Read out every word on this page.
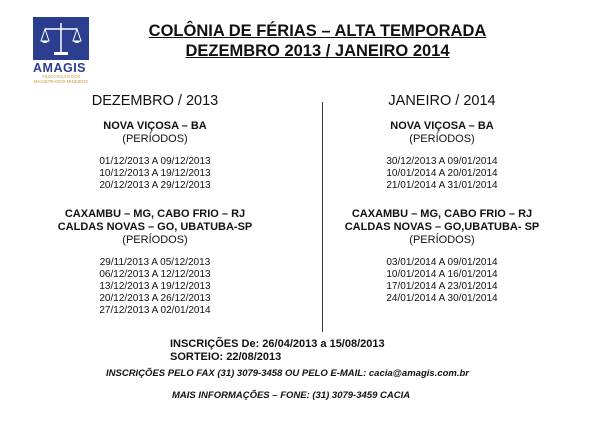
AMAGIS
ASSOCIAÇÃO DOS MAGISTRADOS MINEIROS
COLÔNIA DE FÉRIAS – ALTA TEMPORADA
DEZEMBRO 2013 / JANEIRO 2014
DEZEMBRO / 2013
NOVA VIÇOSA – BA
(PERÍODOS)
01/12/2013 A 09/12/2013
10/12/2013 A 19/12/2013
20/12/2013 A 29/12/2013
CAXAMBU – MG, CABO FRIO – RJ
CALDAS NOVAS – GO, UBATUBA-SP
(PERÍODOS)
29/11/2013 A 05/12/2013
06/12/2013 A 12/12/2013
13/12/2013 A 19/12/2013
20/12/2013 A 26/12/2013
27/12/2013 A 02/01/2014
JANEIRO / 2014
NOVA VIÇOSA – BA
(PERÍODOS)
30/12/2013 A 09/01/2014
10/01/2014 A 20/01/2014
21/01/2014 A 31/01/2014
CAXAMBU – MG, CABO FRIO – RJ
CALDAS NOVAS – GO,UBATUBA- SP
(PERÍODOS)
03/01/2014 A 09/01/2014
10/01/2014 A 16/01/2014
17/01/2014 A 23/01/2014
24/01/2014 A 30/01/2014
INSCRIÇÕES De: 26/04/2013 a 15/08/2013
SORTEIO: 22/08/2013
INSCRIÇÕES PELO FAX (31) 3079-3458 OU PELO E-MAIL: cacia@amagis.com.br
MAIS INFORMAÇÕES – FONE: (31) 3079-3459 CACIA
